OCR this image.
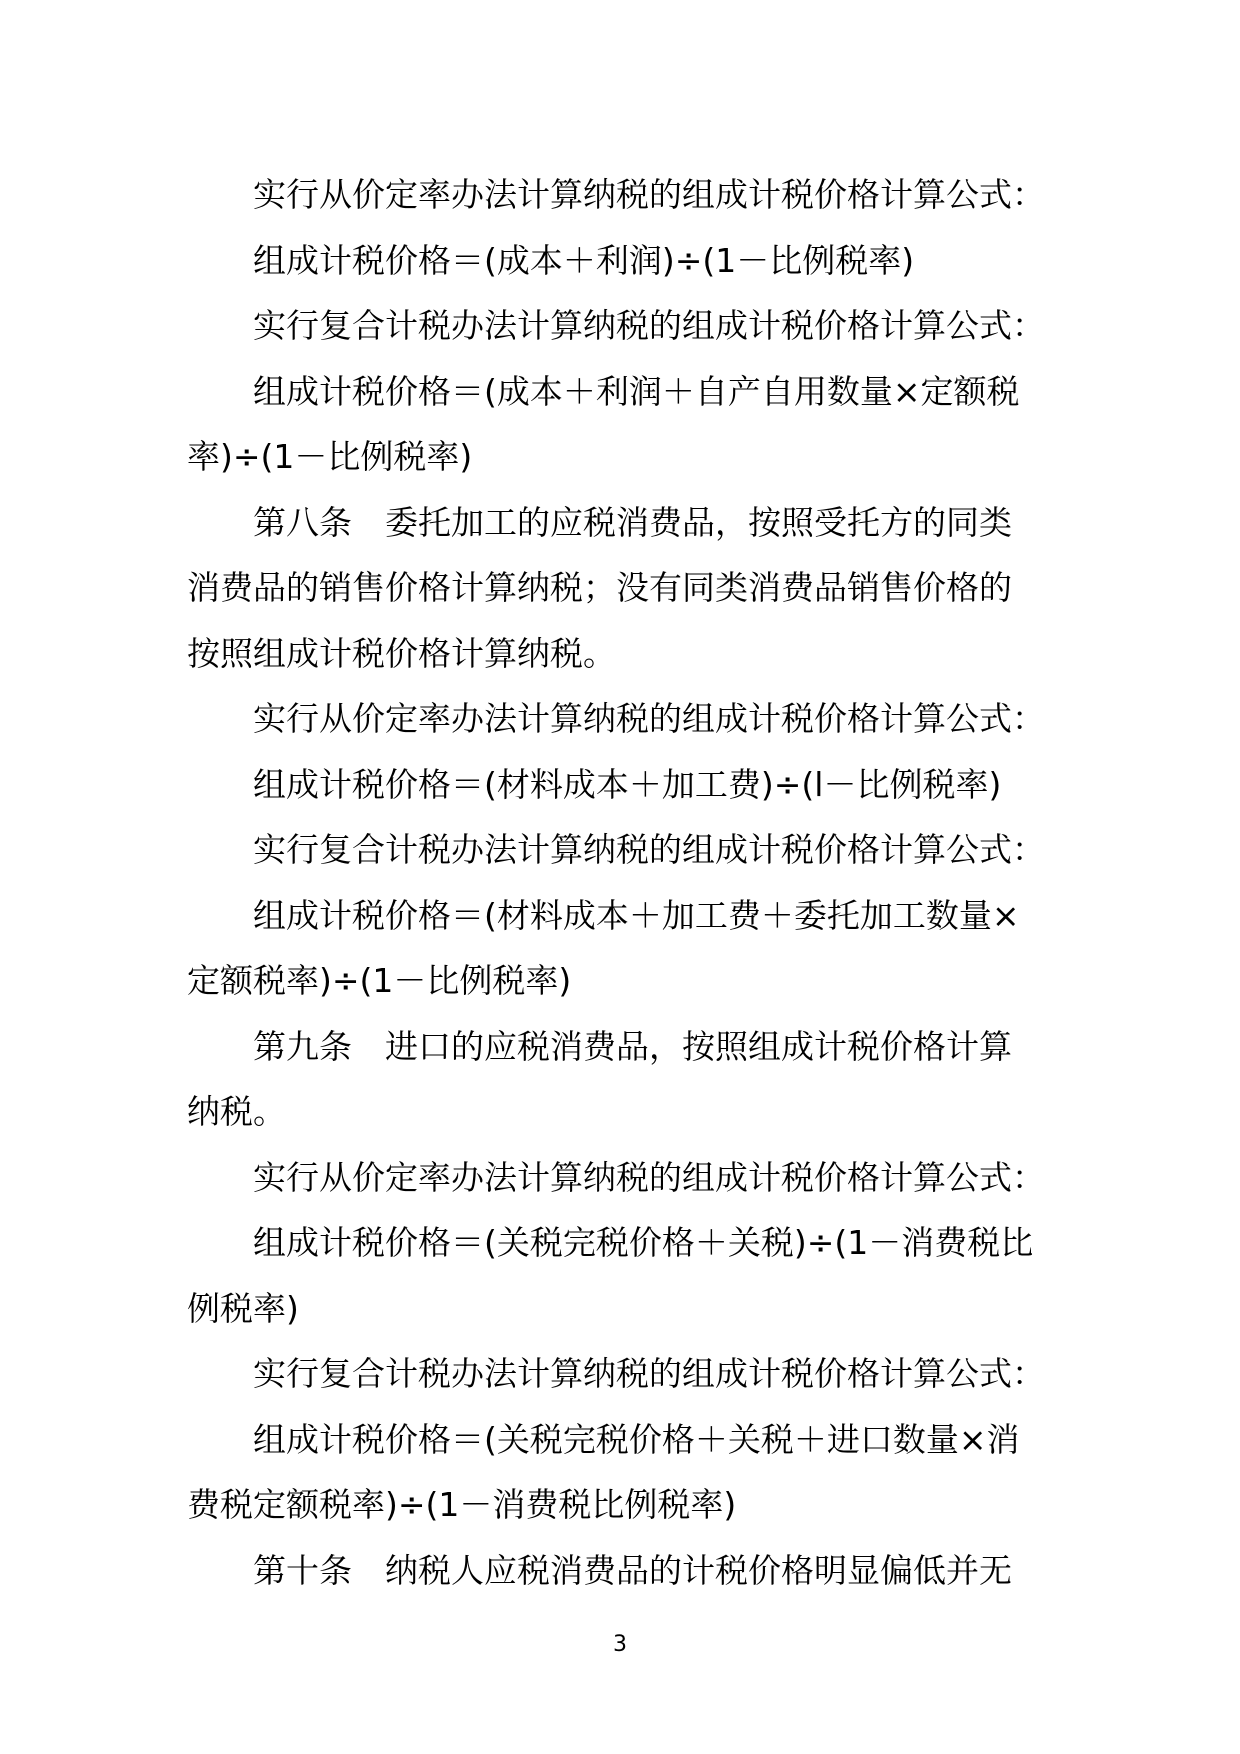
实行从价定率办法计算纳税的组成计税价格计算公式：

组成计税价格＝(成本＋利润)÷(1－比例税率)

实行复合计税办法计算纳税的组成计税价格计算公式：

组成计税价格＝(成本＋利润＋自产自用数量×定额税

率)÷(1－比例税率)

第八条　委托加工的应税消费品，按照受托方的同类

消费品的销售价格计算纳税；没有同类消费品销售价格的

按照组成计税价格计算纳税。

实行从价定率办法计算纳税的组成计税价格计算公式：

组成计税价格＝(材料成本＋加工费)÷(l－比例税率)

实行复合计税办法计算纳税的组成计税价格计算公式：

组成计税价格＝(材料成本＋加工费＋委托加工数量×

定额税率)÷(1－比例税率)

第九条　进口的应税消费品，按照组成计税价格计算

纳税。

实行从价定率办法计算纳税的组成计税价格计算公式：

组成计税价格＝(关税完税价格＋关税)÷(1－消费税比

例税率)

实行复合计税办法计算纳税的组成计税价格计算公式：

组成计税价格＝(关税完税价格＋关税＋进口数量×消

费税定额税率)÷(1－消费税比例税率)

第十条　纳税人应税消费品的计税价格明显偏低并无

3
